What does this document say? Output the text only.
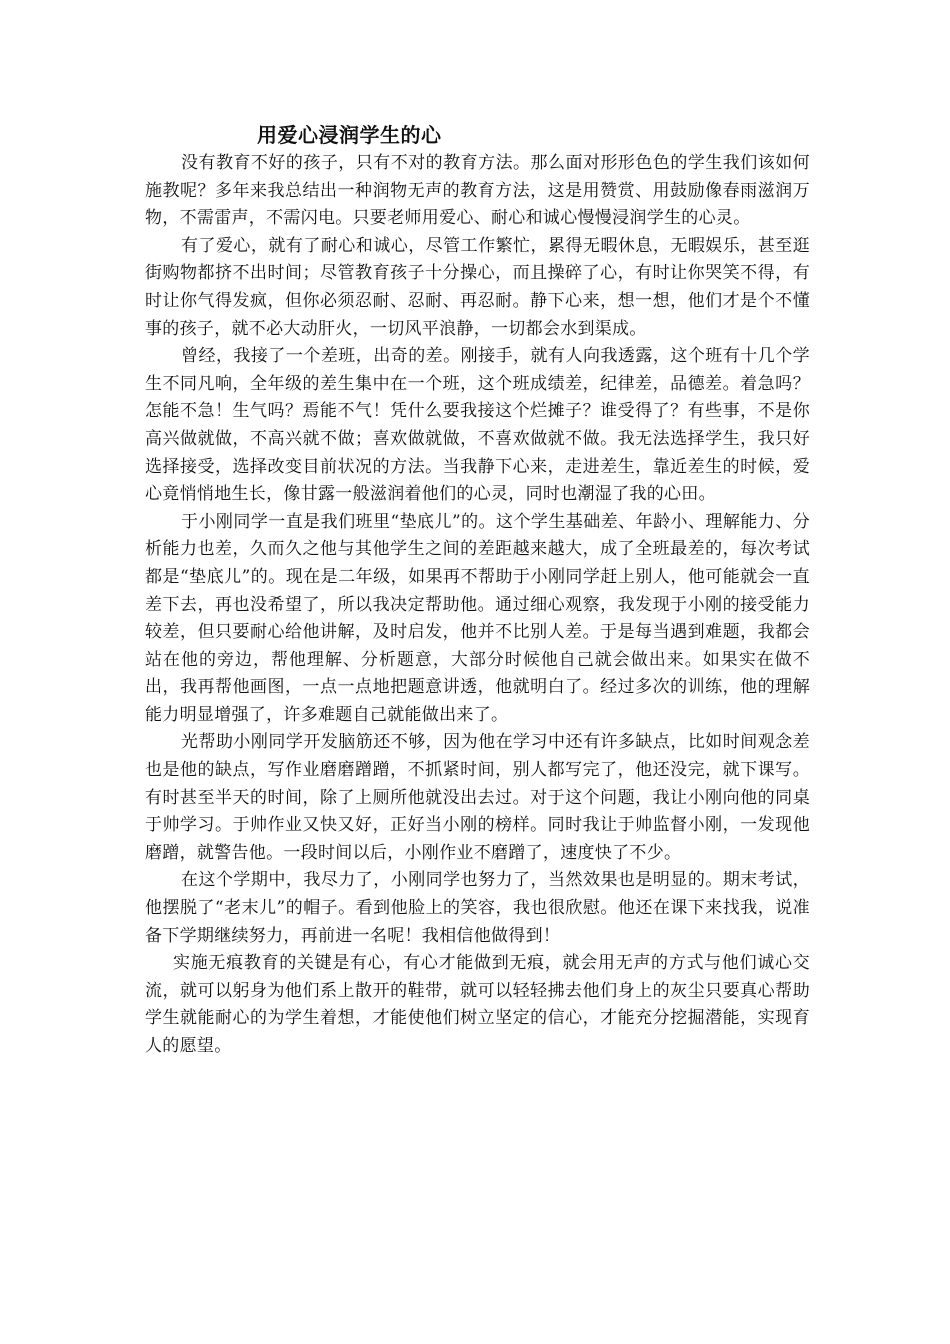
用爱心浸润学生的心

没有教育不好的孩子，只有不对的教育方法。那么面对形形色色的学生我们该如何施教呢？多年来我总结出一种润物无声的教育方法，这是用赞赏、用鼓励像春雨滋润万物，不需雷声，不需闪电。只要老师用爱心、耐心和诚心慢慢浸润学生的心灵。

有了爱心，就有了耐心和诚心，尽管工作繁忙，累得无暇休息，无暇娱乐，甚至逛街购物都挤不出时间；尽管教育孩子十分操心，而且操碎了心，有时让你哭笑不得，有时让你气得发疯，但你必须忍耐、忍耐、再忍耐。静下心来，想一想，他们才是个不懂事的孩子，就不必大动肝火，一切风平浪静，一切都会水到渠成。

曾经，我接了一个差班，出奇的差。刚接手，就有人向我透露，这个班有十几个学生不同凡响，全年级的差生集中在一个班，这个班成绩差，纪律差，品德差。着急吗？怎能不急！生气吗？焉能不气！凭什么要我接这个烂摊子？谁受得了？有些事，不是你高兴做就做，不高兴就不做；喜欢做就做，不喜欢做就不做。我无法选择学生，我只好选择接受，选择改变目前状况的方法。当我静下心来，走进差生，靠近差生的时候，爱心竟悄悄地生长，像甘露一般滋润着他们的心灵，同时也潮湿了我的心田。

于小刚同学一直是我们班里“垫底儿”的。这个学生基础差、年龄小、理解能力、分析能力也差，久而久之他与其他学生之间的差距越来越大，成了全班最差的，每次考试都是“垫底儿”的。现在是二年级，如果再不帮助于小刚同学赶上别人，他可能就会一直差下去，再也没希望了，所以我决定帮助他。通过细心观察，我发现于小刚的接受能力较差，但只要耐心给他讲解，及时启发，他并不比别人差。于是每当遇到难题，我都会站在他的旁边，帮他理解、分析题意，大部分时候他自己就会做出来。如果实在做不出，我再帮他画图，一点一点地把题意讲透，他就明白了。经过多次的训练，他的理解能力明显增强了，许多难题自己就能做出来了。

光帮助小刚同学开发脑筋还不够，因为他在学习中还有许多缺点，比如时间观念差也是他的缺点，写作业磨磨蹭蹭，不抓紧时间，别人都写完了，他还没完，就下课写。有时甚至半天的时间，除了上厕所他就没出去过。对于这个问题，我让小刚向他的同桌于帅学习。于帅作业又快又好，正好当小刚的榜样。同时我让于帅监督小刚，一发现他磨蹭，就警告他。一段时间以后，小刚作业不磨蹭了，速度快了不少。

在这个学期中，我尽力了，小刚同学也努力了，当然效果也是明显的。期末考试，他摆脱了“老末儿”的帽子。看到他脸上的笑容，我也很欣慰。他还在课下来找我，说准备下学期继续努力，再前进一名呢！我相信他做得到！

实施无痕教育的关键是有心，有心才能做到无痕，就会用无声的方式与他们诚心交流，就可以躬身为他们系上散开的鞋带，就可以轻轻拂去他们身上的灰尘只要真心帮助学生就能耐心的为学生着想，才能使他们树立坚定的信心，才能充分挖掘潜能，实现育人的愿望。
